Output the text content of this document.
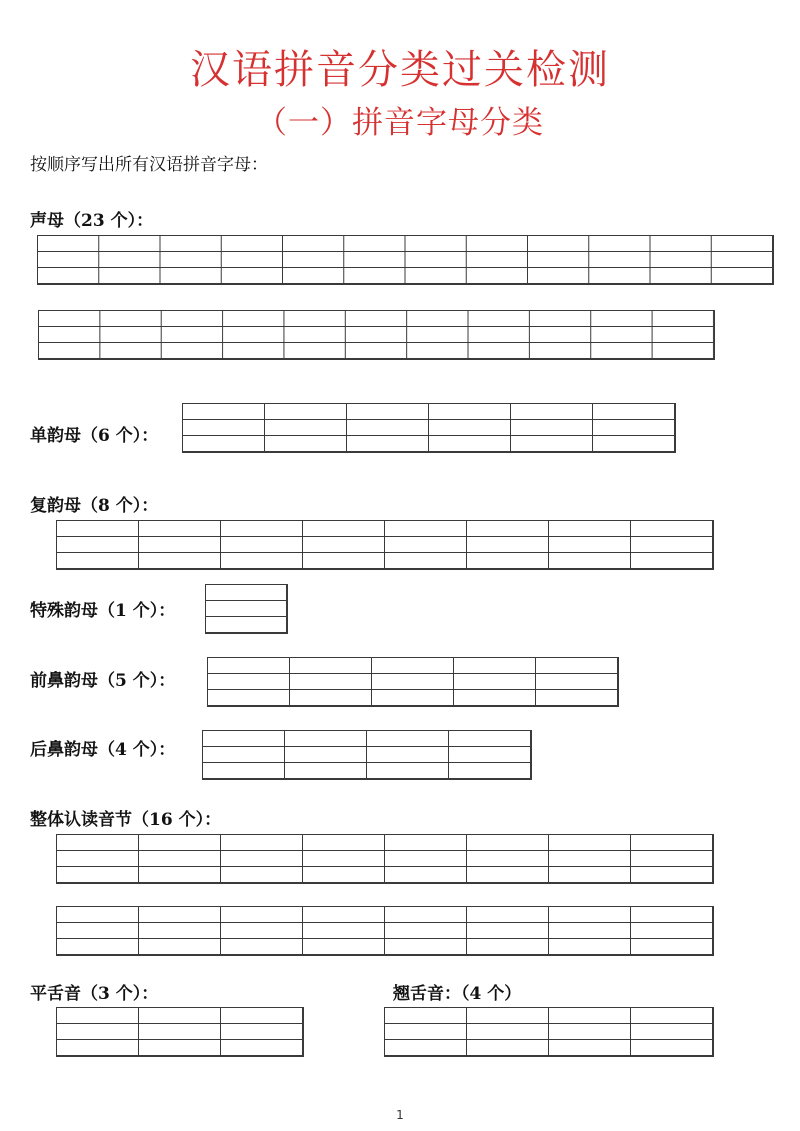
汉语拼音分类过关检测
（一）拼音字母分类
按顺序写出所有汉语拼音字母：
声母（23 个）：
单韵母（6 个）：
复韵母（8 个）：
特殊韵母（1 个）：
前鼻韵母（5 个）：
后鼻韵母（4 个）：
整体认读音节（16 个）：
平舌音（3 个）：	翘舌音：（4 个）
1
